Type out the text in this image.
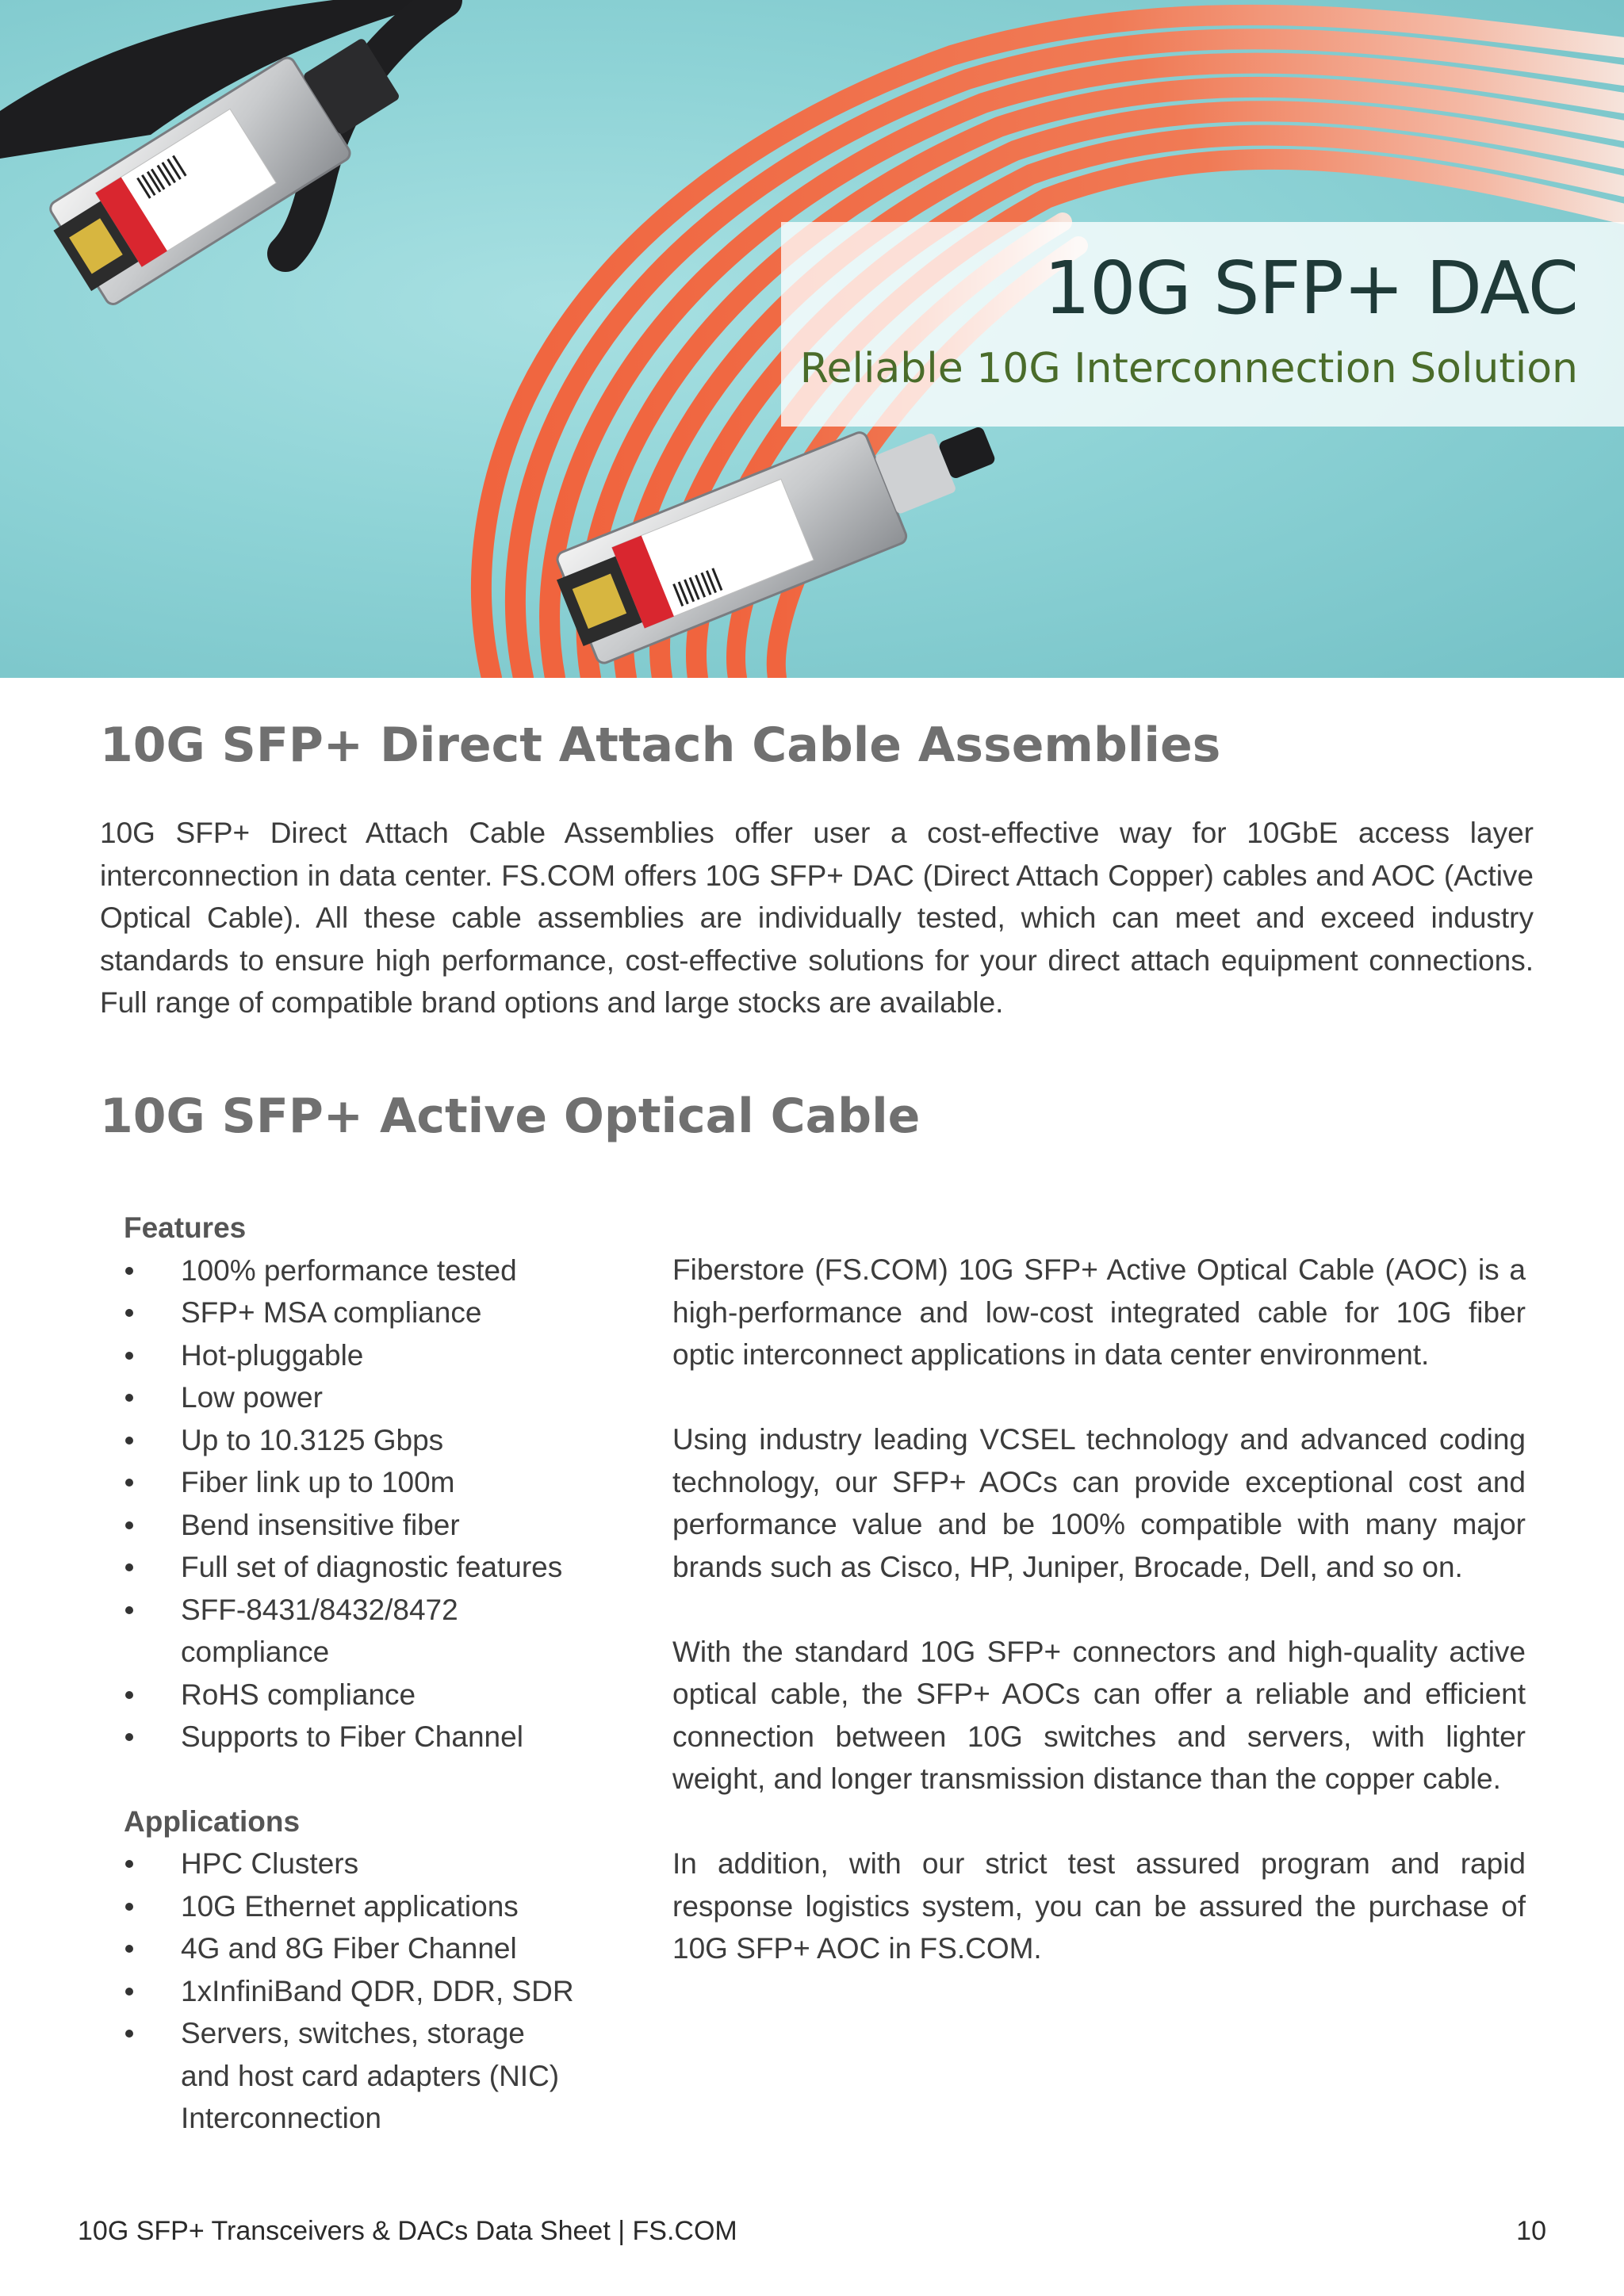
10G SFP+ DAC
Reliable 10G Interconnection Solution
10G SFP+ Direct Attach Cable Assemblies

10G SFP+ Direct Attach Cable Assemblies offer user a cost-effective way for 10GbE access layer interconnection in data center. FS.COM offers 10G SFP+ DAC (Direct Attach Copper) cables and AOC (Active Optical Cable). All these cable assemblies are individually tested, which can meet and exceed industry standards to ensure high performance, cost-effective solutions for your direct attach equipment connections. Full range of compatible brand options and large stocks are available.

10G SFP+ Active Optical Cable
Features
100% performance tested
SFP+ MSA compliance
Hot-pluggable
Low power
Up to 10.3125 Gbps
Fiber link up to 100m
Bend insensitive fiber
Full set of diagnostic features
SFF-8431/8432/8472 compliance
RoHS compliance
Supports to Fiber Channel
Applications
HPC Clusters
10G Ethernet applications
4G and 8G Fiber Channel
1xInfiniBand QDR, DDR, SDR
Servers, switches, storage and host card adapters (NIC) Interconnection

Fiberstore (FS.COM) 10G SFP+ Active Optical Cable (AOC) is a high-performance and low-cost integrated cable for 10G fiber optic interconnect applications in data center environment.

Using industry leading VCSEL technology and advanced coding technology, our SFP+ AOCs can provide exceptional cost and performance value and be 100% compatible with many major brands such as Cisco, HP, Juniper, Brocade, Dell, and so on.

With the standard 10G SFP+ connectors and high-quality active optical cable, the SFP+ AOCs can offer a reliable and efficient connection between 10G switches and servers, with lighter weight, and longer transmission distance than the copper cable.

In addition, with our strict test assured program and rapid response logistics system, you can be assured the purchase of 10G SFP+ AOC in FS.COM.

10G SFP+ Transceivers & DACs Data Sheet | FS.COM	10
